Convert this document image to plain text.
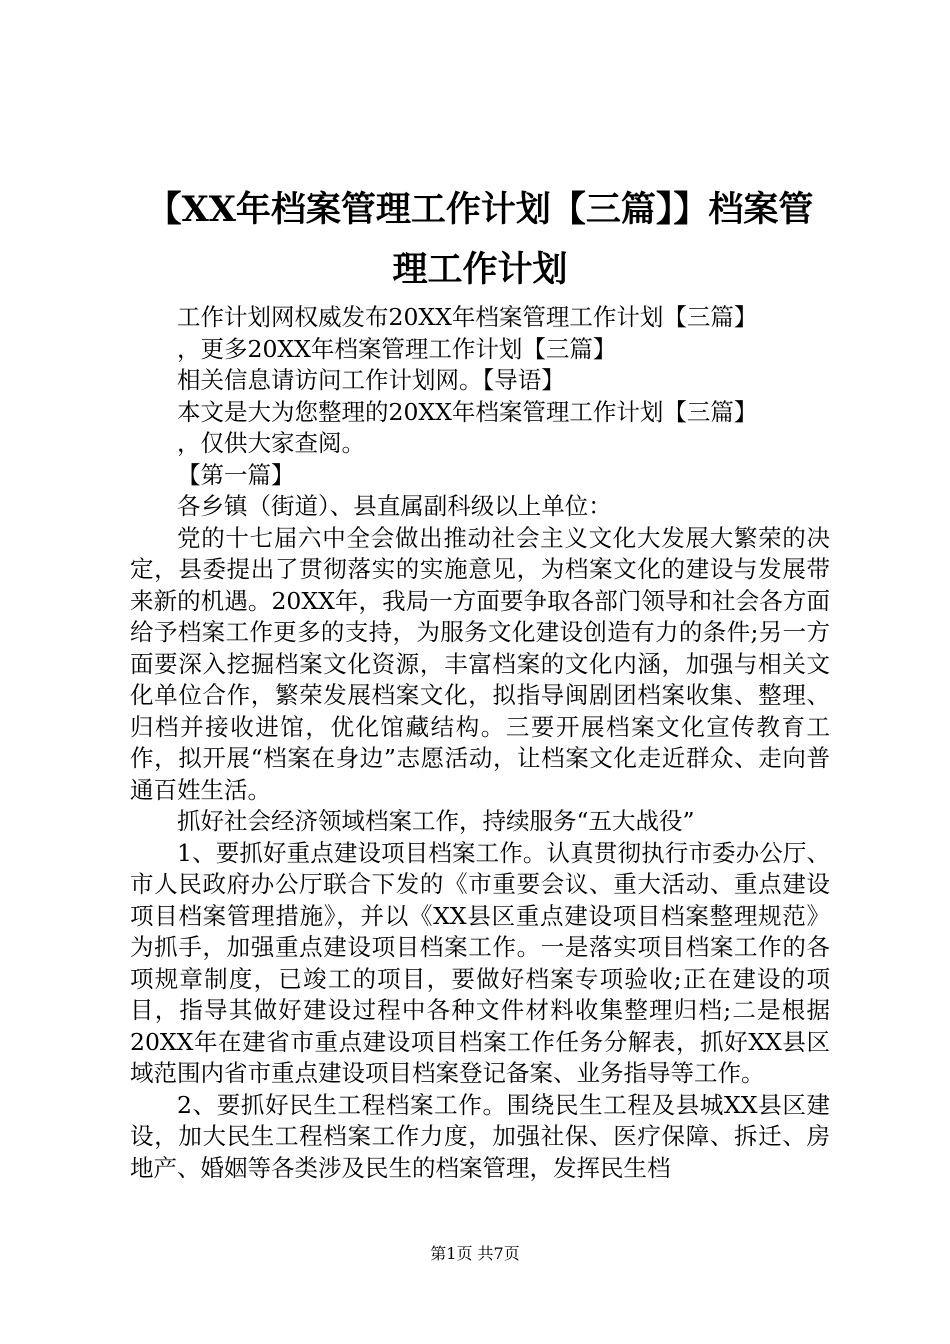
【XX年档案管理工作计划【三篇】】档案管
理工作计划

工作计划网权威发布20XX年档案管理工作计划【三篇】

，更多20XX年档案管理工作计划【三篇】

相关信息请访问工作计划网。【导语】

本文是大为您整理的20XX年档案管理工作计划【三篇】

，仅供大家查阅。

【第一篇】

各乡镇（街道）、县直属副科级以上单位：

党的十七届六中全会做出推动社会主义文化大发展大繁荣的决定，县委提出了贯彻落实的实施意见，为档案文化的建设与发展带来新的机遇。20XX年，我局一方面要争取各部门领导和社会各方面给予档案工作更多的支持，为服务文化建设创造有力的条件;另一方面要深入挖掘档案文化资源，丰富档案的文化内涵，加强与相关文化单位合作，繁荣发展档案文化，拟指导闽剧团档案收集、整理、归档并接收进馆，优化馆藏结构。三要开展档案文化宣传教育工作，拟开展“档案在身边”志愿活动，让档案文化走近群众、走向普通百姓生活。

抓好社会经济领域档案工作，持续服务“五大战役”

1、要抓好重点建设项目档案工作。认真贯彻执行市委办公厅、市人民政府办公厅联合下发的《市重要会议、重大活动、重点建设项目档案管理措施》，并以《XX县区重点建设项目档案整理规范》为抓手，加强重点建设项目档案工作。一是落实项目档案工作的各项规章制度，已竣工的项目，要做好档案专项验收;正在建设的项目，指导其做好建设过程中各种文件材料收集整理归档;二是根据20XX年在建省市重点建设项目档案工作任务分解表，抓好XX县区域范围内省市重点建设项目档案登记备案、业务指导等工作。

2、要抓好民生工程档案工作。围绕民生工程及县城XX县区建设，加大民生工程档案工作力度，加强社保、医疗保障、拆迁、房地产、婚姻等各类涉及民生的档案管理，发挥民生档

第1页 共7页
